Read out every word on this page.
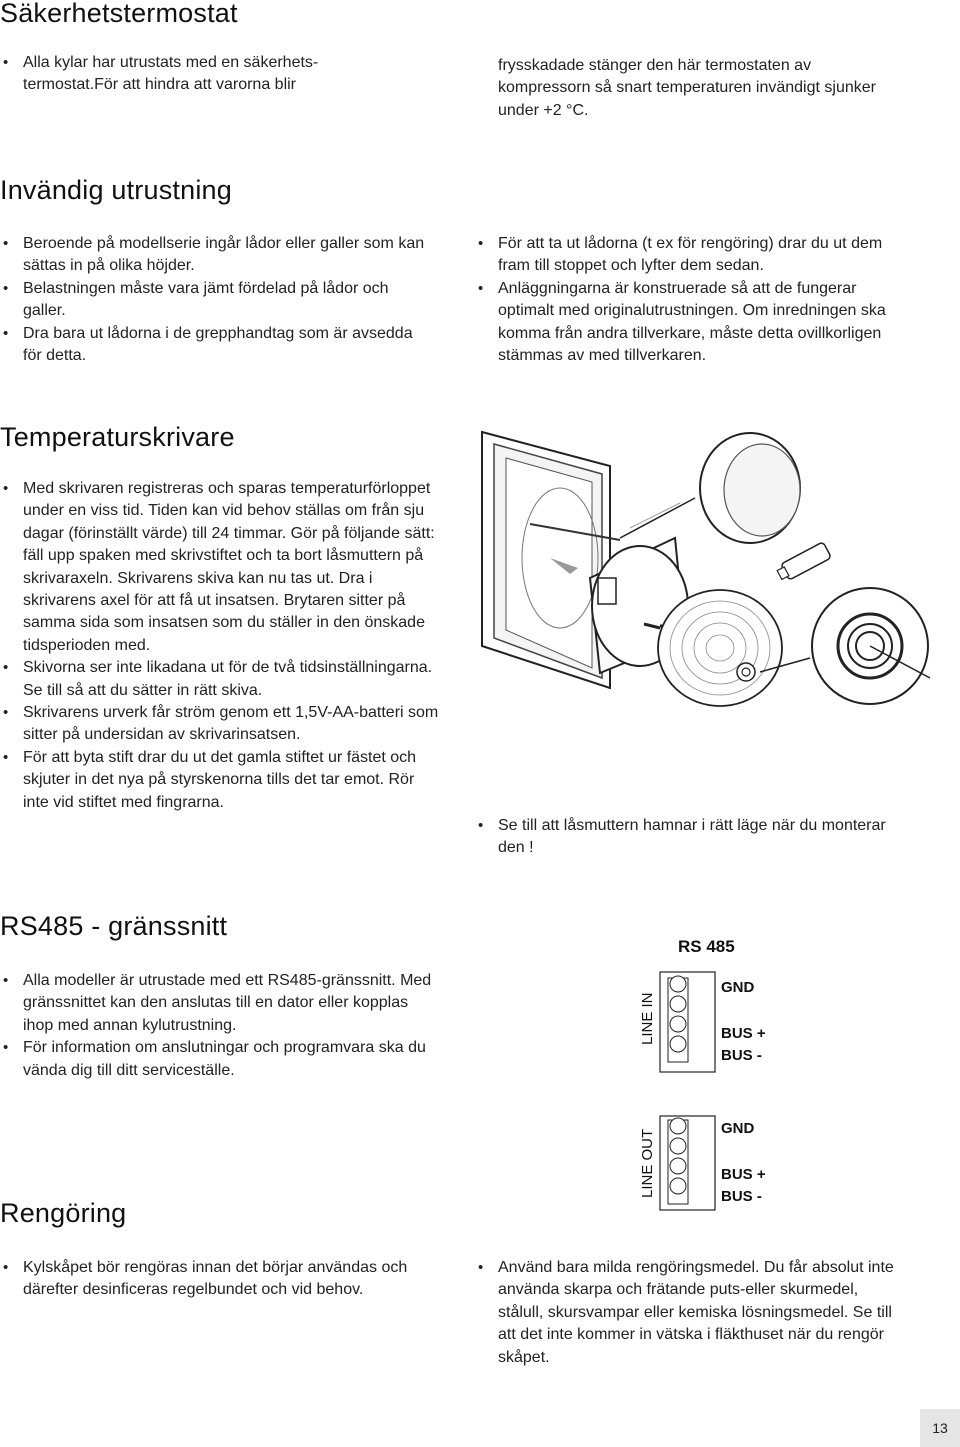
Säkerhetstermostat
• Alla kylar har utrustats med en säkerhets-termostat.För att hindra att varorna blir
frysskadade stänger den här termostaten av kompressorn så snart temperaturen invändigt sjunker under +2 °C.
Invändig utrustning
• Beroende på modellserie ingår lådor eller galler som kan sättas in på olika höjder.
• Belastningen måste vara jämt fördelad på lådor och galler.
• Dra bara ut lådorna i de grepphandtag som är avsedda för detta.
• För att ta ut lådorna (t ex för rengöring) drar du ut dem fram till stoppet och lyfter dem sedan.
• Anläggningarna är konstruerade så att de fungerar optimalt med originalutrustningen. Om inredningen ska komma från andra tillverkare, måste detta ovillkorligen stämmas av med tillverkaren.
Temperaturskrivare
• Med skrivaren registreras och sparas temperaturförloppet under en viss tid. Tiden kan vid behov ställas om från sju dagar (förinställt värde) till 24 timmar. Gör på följande sätt: fäll upp spaken med skrivstiftet och ta bort låsmuttern på skrivaraxeln. Skrivarens skiva kan nu tas ut. Dra i skrivarens axel för att få ut insatsen. Brytaren sitter på samma sida som insatsen som du ställer in den önskade tidsperioden med.
• Skivorna ser inte likadana ut för de två tidsinställningarna. Se till så att du sätter in rätt skiva.
• Skrivarens urverk får ström genom ett 1,5V-AA-batteri som sitter på undersidan av skrivarinsatsen.
• För att byta stift drar du ut det gamla stiftet ur fästet och skjuter in det nya på styrskenorna tills det tar emot. Rör inte vid stiftet med fingrarna.
• Se till att låsmuttern hamnar i rätt läge när du monterar den !
RS485 - gränssnitt
• Alla modeller är utrustade med ett RS485-gränssnitt. Med gränssnittet kan den anslutas till en dator eller kopplas ihop med annan kylutrustning.
• För information om anslutningar och programvara ska du vända dig till ditt serviceställe.
RS 485
LINE IN
GND
BUS +
BUS -
LINE OUT
GND
BUS +
BUS -
Rengöring
• Kylskåpet bör rengöras innan det börjar användas och därefter desinficeras regelbundet och vid behov.
• Använd bara milda rengöringsmedel. Du får absolut inte använda skarpa och frätande puts-eller skurmedel, stålull, skursvampar eller kemiska lösningsmedel. Se till att det inte kommer in vätska i fläkthuset när du rengör skåpet.
13
